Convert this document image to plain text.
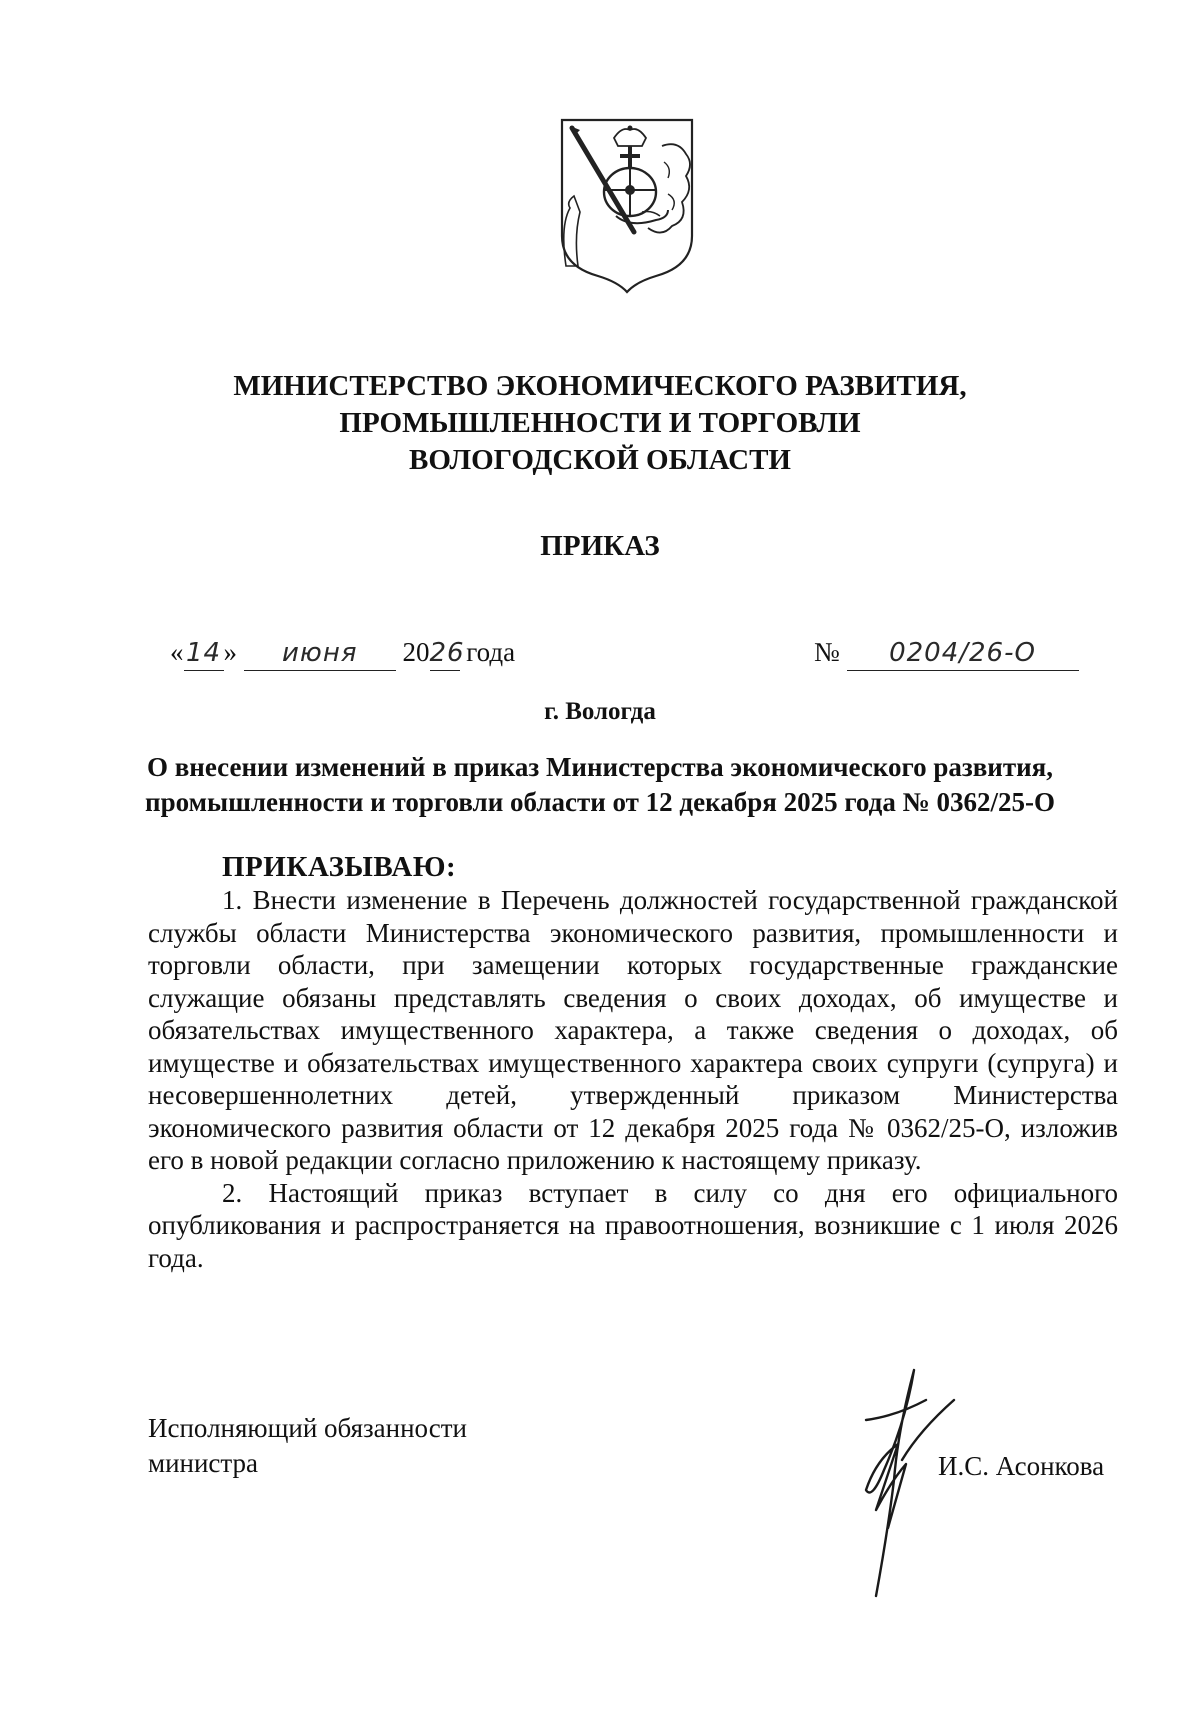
МИНИСТЕРСТВО ЭКОНОМИЧЕСКОГО РАЗВИТИЯ,
ПРОМЫШЛЕННОСТИ И ТОРГОВЛИ
ВОЛОГОДСКОЙ ОБЛАСТИ
ПРИКАЗ
«14» июня 2026 года	№ 0204/26-О
г. Вологда
О внесении изменений в приказ Министерства экономического развития,
промышленности и торговли области от 12 декабря 2025 года № 0362/25-О
ПРИКАЗЫВАЮ:

1. Внести изменение в Перечень должностей государственной гражданской службы области Министерства экономического развития, промышленности и торговли области, при замещении которых государственные гражданские служащие обязаны представлять сведения о своих доходах, об имуществе и обязательствах имущественного характера, а также сведения о доходах, об имуществе и обязательствах имущественного характера своих супруги (супруга) и несовершеннолетних детей, утвержденный приказом Министерства экономического развития области от 12 декабря 2025 года № 0362/25-О, изложив его в новой редакции согласно приложению к настоящему приказу.

2. Настоящий приказ вступает в силу со дня его официального опубликования и распространяется на правоотношения, возникшие с 1 июля 2026 года.

Исполняющий обязанности
министра	И.С. Асонкова
